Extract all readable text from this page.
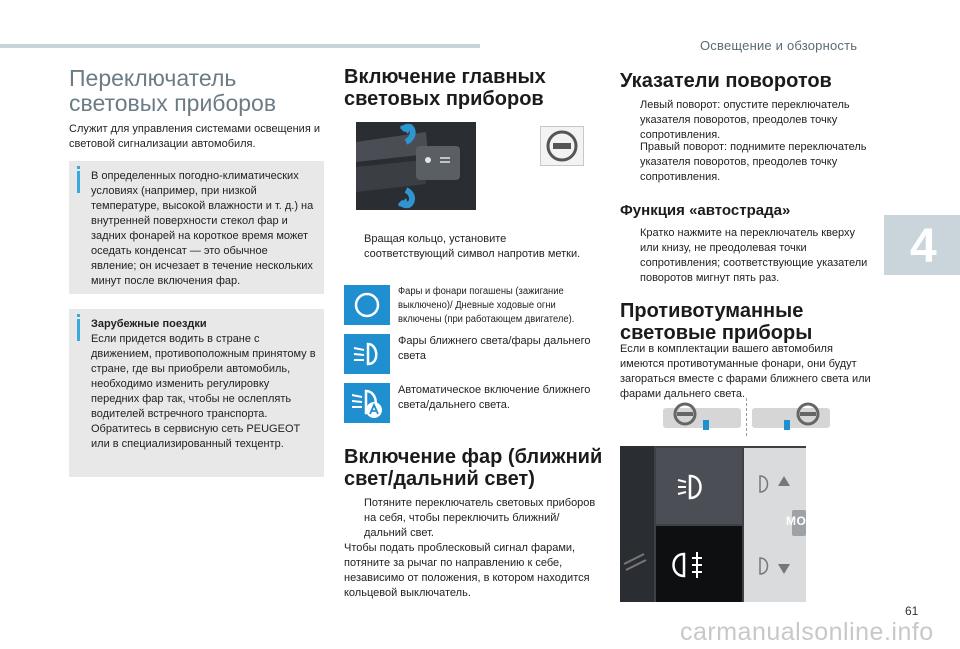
Освещение и обзорность
4
Переключатель
световых приборов
Служит для управления системами освещения и световой сигнализации автомобиля.
В определенных погодно-климатических условиях (например, при низкой температуре, высокой влажности и т. д.) на внутренней поверхности стекол фар и задних фонарей на короткое время может оседать конденсат — это обычное явление; он исчезает в течение нескольких минут после включения фар.
Зарубежные поездки
Если придется водить в стране с движением, противоположным принятому в стране, где вы приобрели автомобиль, необходимо изменить регулировку передних фар так, чтобы не ослеплять водителей встречного транспорта. Обратитесь в сервисную сеть PEUGEOT или в специализированный техцентр.
Включение главных
световых приборов
Вращая кольцо, установите соответствующий символ напротив метки.
Фары и фонари погашены (зажигание выключено)/ Дневные ходовые огни включены (при работающем двигателе).
Фары ближнего света/фары дальнего света
Автоматическое включение ближнего света/дальнего света.
Включение фар (ближний
свет/дальний свет)
Потяните переключатель световых приборов на себя, чтобы переключить ближний/дальний свет.
Чтобы подать проблесковый сигнал фарами, потяните за рычаг по направлению к себе, независимо от положения, в котором находится кольцевой выключатель.
Указатели поворотов
Левый поворот: опустите переключатель указателя поворотов, преодолев точку сопротивления.
Правый поворот: поднимите переключатель указателя поворотов, преодолев точку сопротивления.
Функция «автострада»
Кратко нажмите на переключатель кверху или книзу, не преодолевая точки сопротивления; соответствующие указатели поворотов мигнут пять раз.
Противотуманные
световые приборы
Если в комплектации вашего автомобиля имеются противотуманные фонари, они будут загораться вместе с фарами ближнего света или фарами дальнего света.
MODE
61
carmanualsonline.info
